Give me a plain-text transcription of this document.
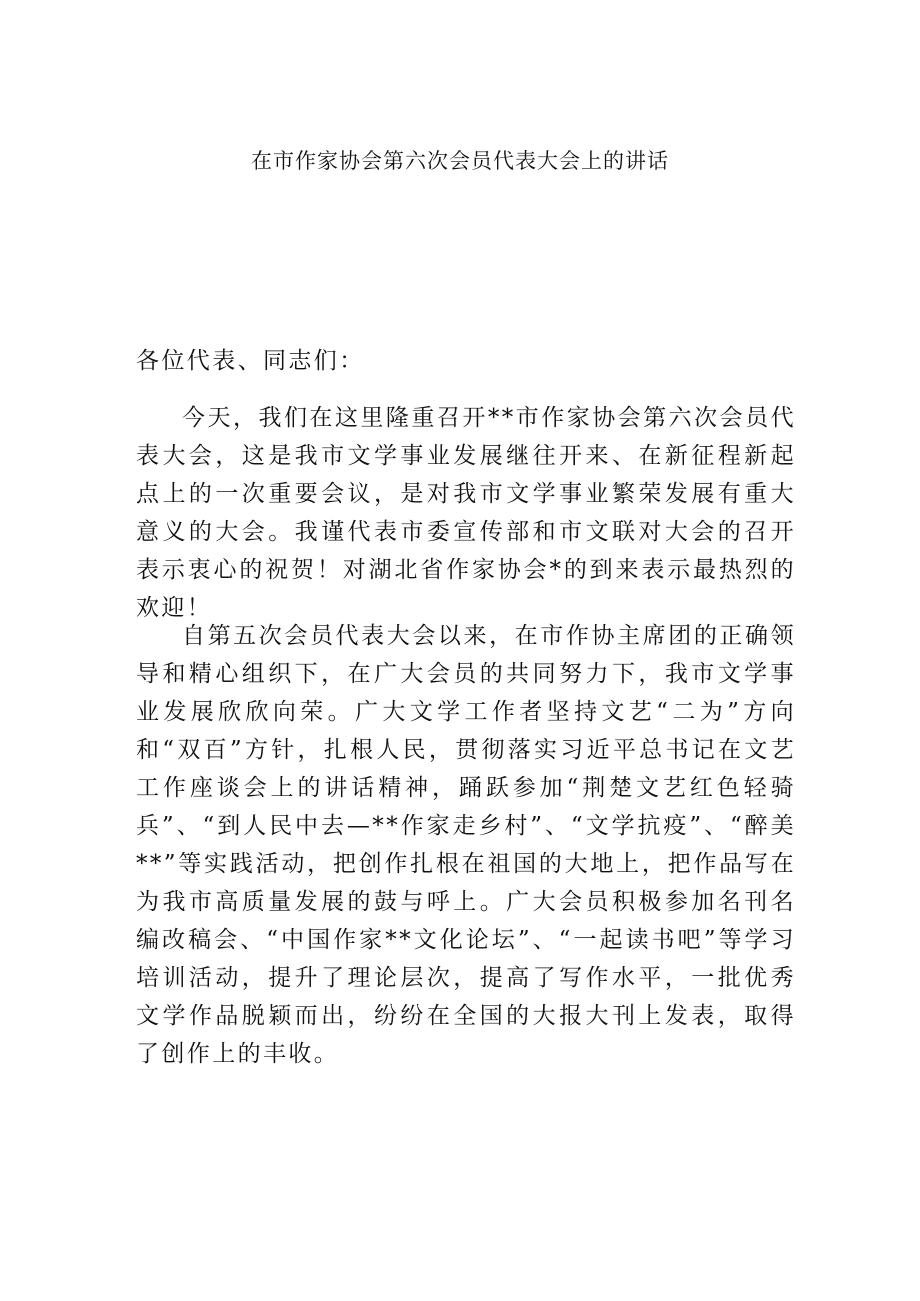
在市作家协会第六次会员代表大会上的讲话

各位代表、同志们：

今天，我们在这里隆重召开**市作家协会第六次会员代表大会，这是我市文学事业发展继往开来、在新征程新起点上的一次重要会议，是对我市文学事业繁荣发展有重大意义的大会。我谨代表市委宣传部和市文联对大会的召开表示衷心的祝贺！对湖北省作家协会*的到来表示最热烈的欢迎！

自第五次会员代表大会以来，在市作协主席团的正确领导和精心组织下，在广大会员的共同努力下，我市文学事业发展欣欣向荣。广大文学工作者坚持文艺“二为”方向和“双百”方针，扎根人民，贯彻落实习近平总书记在文艺工作座谈会上的讲话精神，踊跃参加“荆楚文艺红色轻骑兵”、“到人民中去—**作家走乡村”、“文学抗疫”、“醉美**”等实践活动，把创作扎根在祖国的大地上，把作品写在为我市高质量发展的鼓与呼上。广大会员积极参加名刊名编改稿会、“中国作家**文化论坛”、“一起读书吧”等学习培训活动，提升了理论层次，提高了写作水平，一批优秀文学作品脱颖而出，纷纷在全国的大报大刊上发表，取得了创作上的丰收。
